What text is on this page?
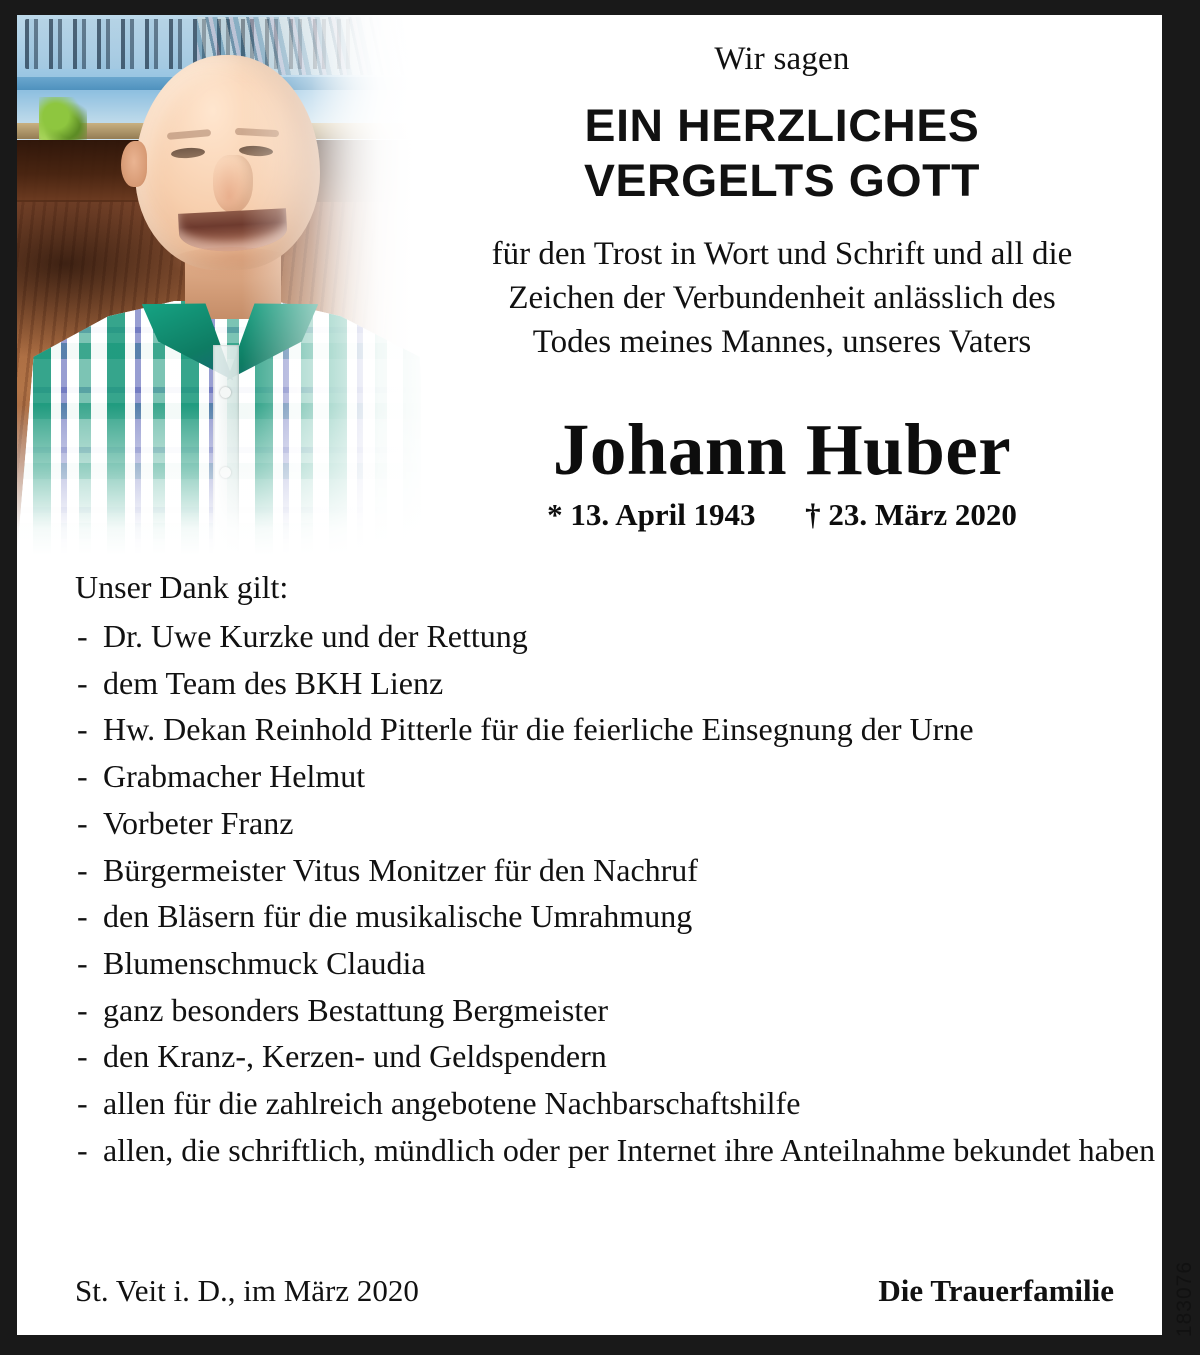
Wir sagen
EIN HERZLICHES
VERGELTS GOTT
für den Trost in Wort und Schrift und all die
Zeichen der Verbundenheit anlässlich des
Todes meines Mannes, unseres Vaters
Johann Huber
* 13. April 1943 † 23. März 2020
Unser Dank gilt:
- Dr. Uwe Kurzke und der Rettung
- dem Team des BKH Lienz
- Hw. Dekan Reinhold Pitterle für die feierliche Einsegnung der Urne
- Grabmacher Helmut
- Vorbeter Franz
- Bürgermeister Vitus Monitzer für den Nachruf
- den Bläsern für die musikalische Umrahmung
- Blumenschmuck Claudia
- ganz besonders Bestattung Bergmeister
- den Kranz-, Kerzen- und Geldspendern
- allen für die zahlreich angebotene Nachbarschaftshilfe
- allen, die schriftlich, mündlich oder per Internet ihre Anteilnahme bekundet haben
St. Veit i. D., im März 2020	Die Trauerfamilie	183076
